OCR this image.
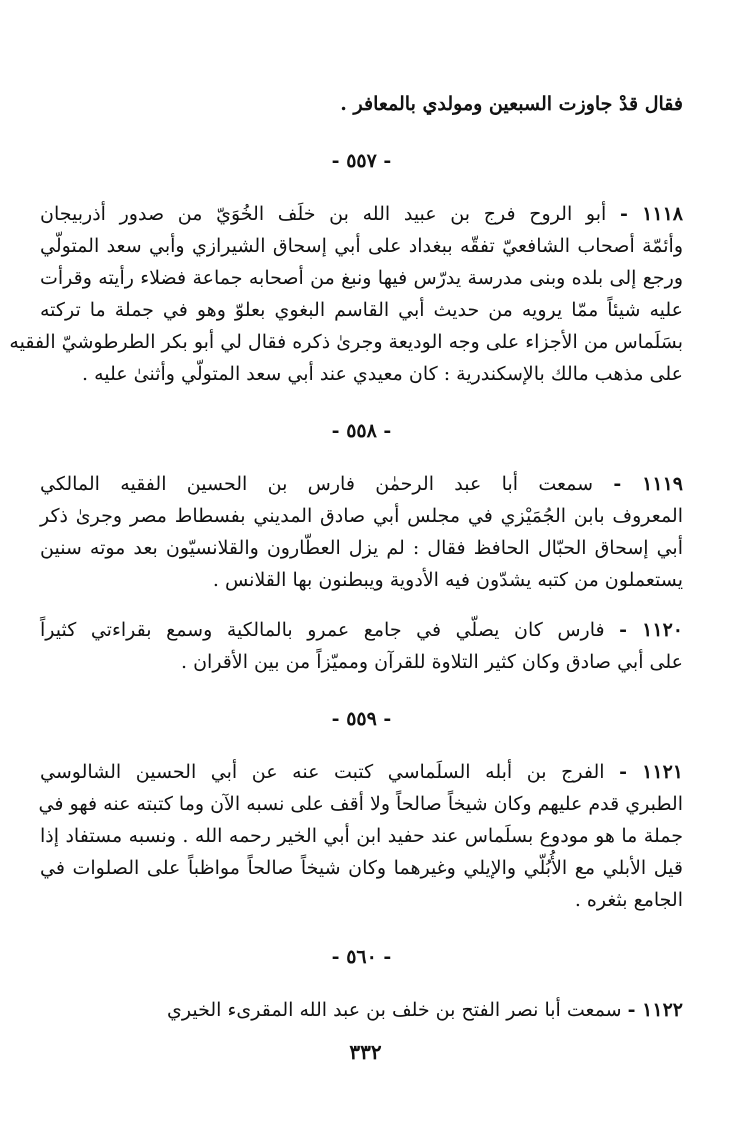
فقال قدْ جاوزت السبعين ومولدي بالمعافر .
- ٥٥٧ -
١١١٨ - أبو الروح فرج بن عبيد الله بن خلَف الخُوَيّ من صدور أذربيجان
وأئمّة أصحاب الشافعيّ تفقّه ببغداد على أبي إسحاق الشيرازي وأبي سعد المتولّي
ورجع إلى بلده وبنى مدرسة يدرّس فيها ونبغ من أصحابه جماعة فضلاء رأيته وقرأت
عليه شيئاً ممّا يرويه من حديث أبي القاسم البغوي بعلوّ وهو في جملة ما تركته
بسَلَماس من الأجزاء على وجه الوديعة وجرىٰ ذكره فقال لي أبو بكر الطرطوشيّ الفقيه
على مذهب مالك بالإسكندرية : كان معيدي عند أبي سعد المتولّي وأثنىٰ عليه .
- ٥٥٨ -
١١١٩ - سمعت أبا عبد الرحمٰن فارس بن الحسين الفقيه المالكي
المعروف بابن الجُمَيْزي في مجلس أبي صادق المديني بفسطاط مصر وجرىٰ ذكر
أبي إسحاق الحبّال الحافظ فقال : لم يزل العطّارون والقلانسيّون بعد موته سنين
يستعملون من كتبه يشدّون فيه الأدوية ويبطنون بها القلانس .
١١٢٠ - فارس كان يصلّي في جامع عمرو بالمالكية وسمع بقراءتي كثيراً
على أبي صادق وكان كثير التلاوة للقرآن ومميّزاً من بين الأقران .
- ٥٥٩ -
١١٢١ - الفرج بن أبله السلَماسي كتبت عنه عن أبي الحسين الشالوسي
الطبري قدم عليهم وكان شيخاً صالحاً ولا أقف على نسبه الآن وما كتبته عنه فهو في
جملة ما هو مودوع بسلَماس عند حفيد ابن أبي الخير رحمه الله . ونسبه مستفاد إذا
قيل الأبلي مع الأُبُلّي والإيلي وغيرهما وكان شيخاً صالحاً مواظباً على الصلوات في
الجامع بثغره .
- ٥٦٠ -
١١٢٢ - سمعت أبا نصر الفتح بن خلف بن عبد الله المقرىء الخيري
٣٣٢
